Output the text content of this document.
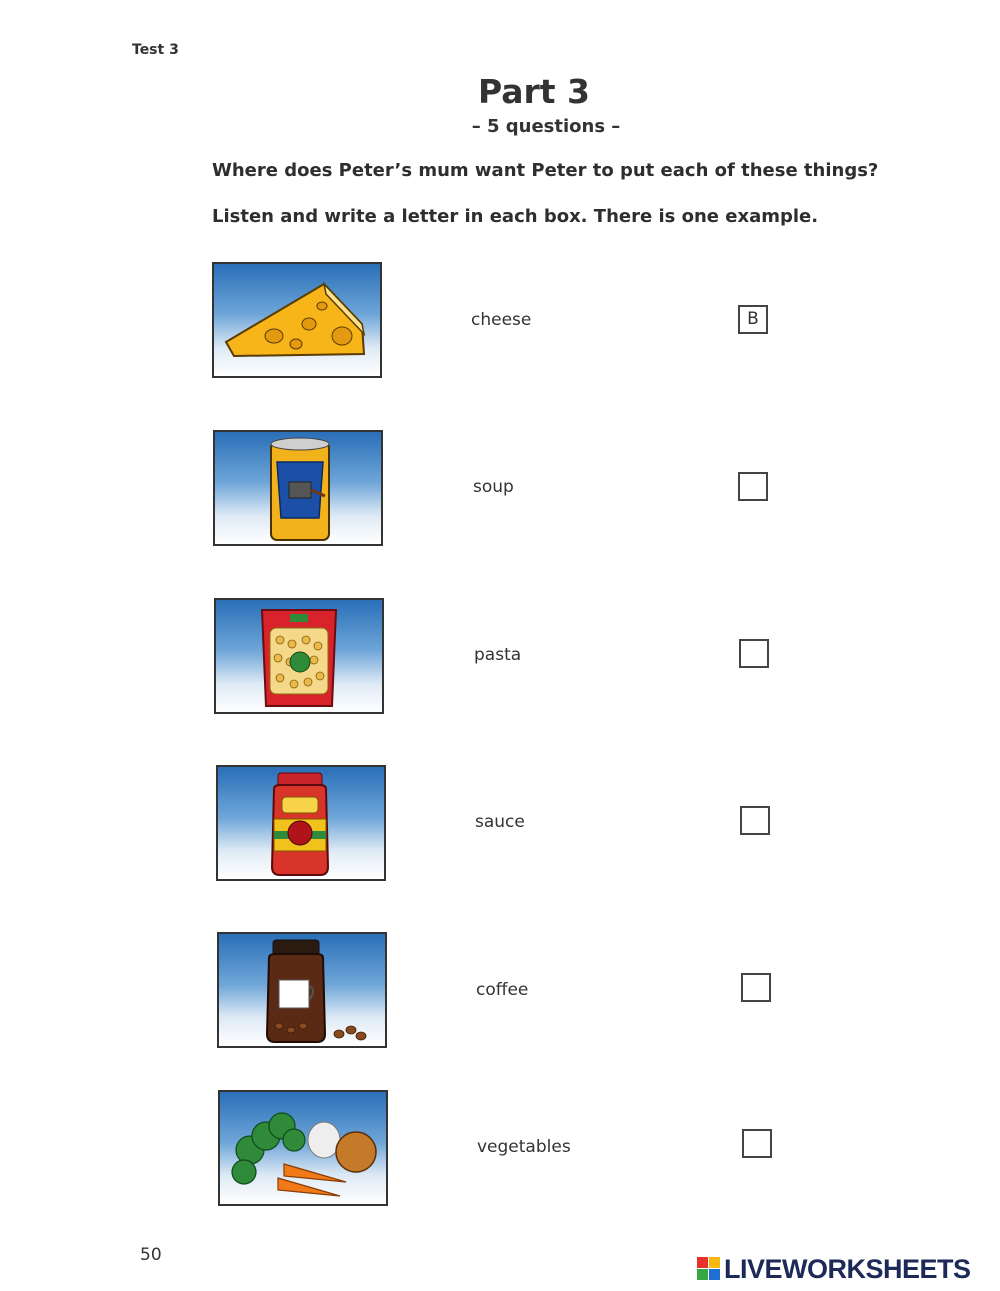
Test 3
Part 3
– 5 questions –
Where does Peter’s mum want Peter to put each of these things?
Listen and write a letter in each box. There is one example.
cheese	B
soup
pasta
sauce
coffee
vegetables
50	LIVEWORKSHEETS
